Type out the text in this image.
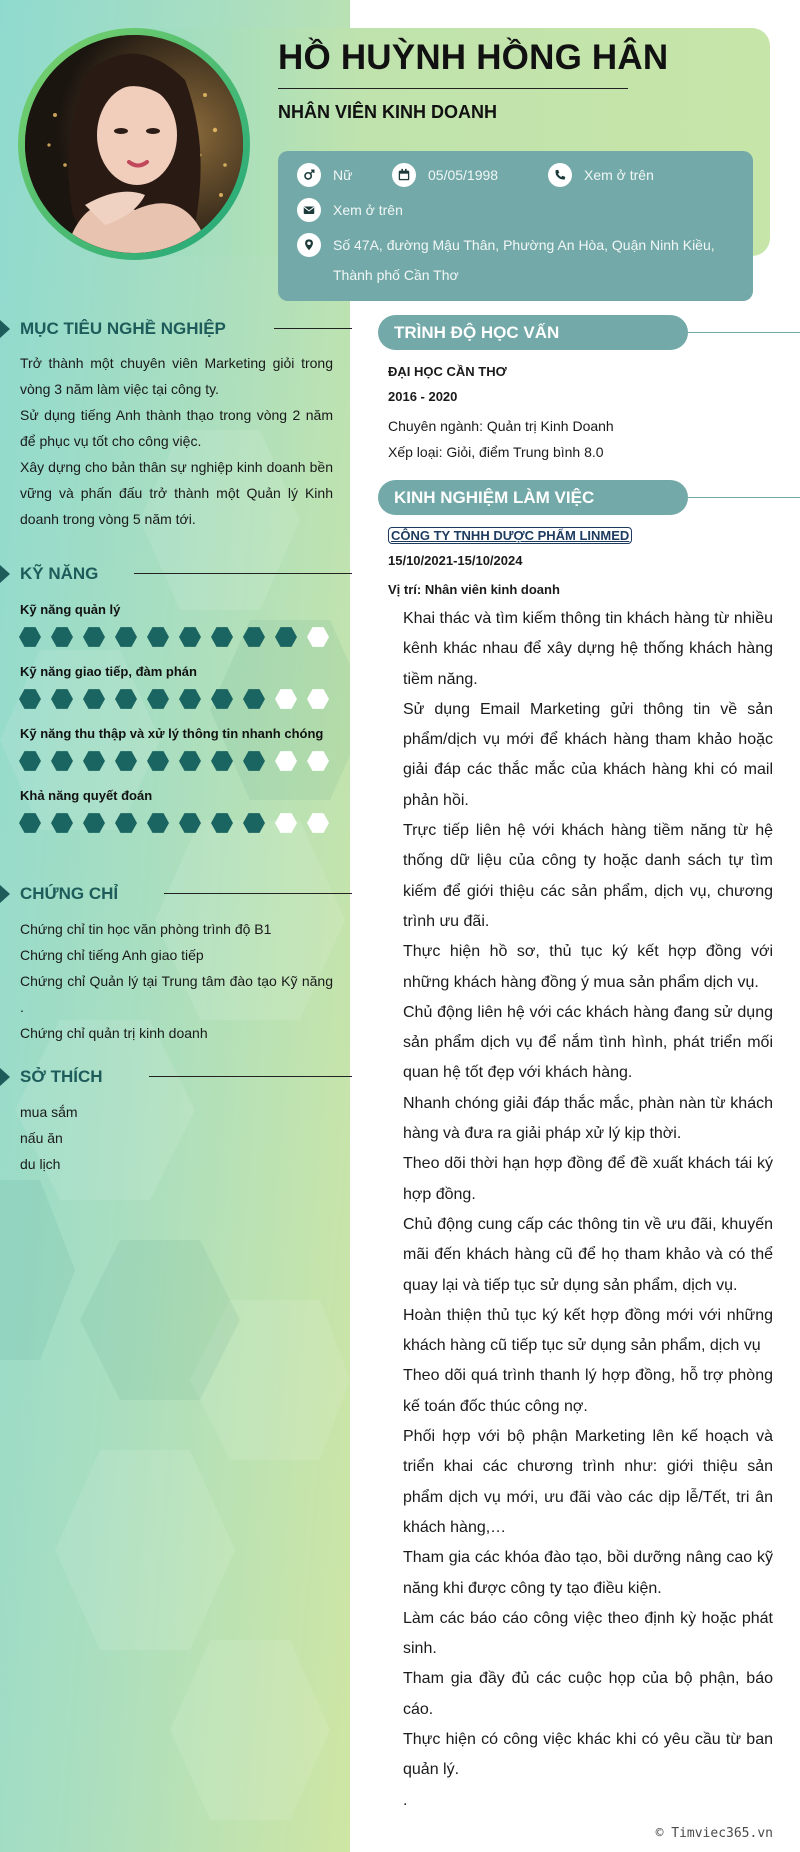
HỒ HUỲNH HỒNG HÂN
NHÂN VIÊN KINH DOANH
Nữ	05/05/1998	Xem ở trên
Xem ở trên
Số 47A, đường Mậu Thân, Phường An Hòa, Quận Ninh Kiều,
Thành phố Cần Thơ
MỤC TIÊU NGHỀ NGHIỆP

Trở thành một chuyên viên Marketing giỏi trong vòng 3 năm làm việc tại công ty.

Sử dụng tiếng Anh thành thạo trong vòng 2 năm để phục vụ tốt cho công việc.

Xây dựng cho bản thân sự nghiệp kinh doanh bền vững và phấn đấu trở thành một Quản lý Kinh doanh trong vòng 5 năm tới.

KỸ NĂNG
Kỹ năng quản lý
Kỹ năng giao tiếp, đàm phán
Kỹ năng thu thập và xử lý thông tin nhanh chóng
Khả năng quyết đoán
CHỨNG CHỈ

Chứng chỉ tin học văn phòng trình độ B1

Chứng chỉ tiếng Anh giao tiếp

Chứng chỉ Quản lý tại Trung tâm đào tạo Kỹ năng .

Chứng chỉ quản trị kinh doanh

SỞ THÍCH

mua sắm

nấu ăn

du lịch

TRÌNH ĐỘ HỌC VẤN
ĐẠI HỌC CẦN THƠ
2016 - 2020
Chuyên ngành: Quản trị Kinh Doanh
Xếp loại: Giỏi, điểm Trung bình 8.0
KINH NGHIỆM LÀM VIỆC
CÔNG TY TNHH DƯỢC PHẨM LINMED
15/10/2021-15/10/2024
Vị trí: Nhân viên kinh doanh

Khai thác và tìm kiếm thông tin khách hàng từ nhiều kênh khác nhau để xây dựng hệ thống khách hàng tiềm năng.

Sử dụng Email Marketing gửi thông tin về sản phẩm/dịch vụ mới để khách hàng tham khảo hoặc giải đáp các thắc mắc của khách hàng khi có mail phản hồi.

Trực tiếp liên hệ với khách hàng tiềm năng từ hệ thống dữ liệu của công ty hoặc danh sách tự tìm kiếm để giới thiệu các sản phẩm, dịch vụ, chương trình ưu đãi.

Thực hiện hồ sơ, thủ tục ký kết hợp đồng với những khách hàng đồng ý mua sản phẩm dịch vụ.

Chủ động liên hệ với các khách hàng đang sử dụng sản phẩm dịch vụ để nắm tình hình, phát triển mối quan hệ tốt đẹp với khách hàng.

Nhanh chóng giải đáp thắc mắc, phàn nàn từ khách hàng và đưa ra giải pháp xử lý kịp thời.

Theo dõi thời hạn hợp đồng để đề xuất khách tái ký hợp đồng.

Chủ động cung cấp các thông tin về ưu đãi, khuyến mãi đến khách hàng cũ để họ tham khảo và có thể quay lại và tiếp tục sử dụng sản phẩm, dịch vụ.

Hoàn thiện thủ tục ký kết hợp đồng mới với những khách hàng cũ tiếp tục sử dụng sản phẩm, dịch vụ

Theo dõi quá trình thanh lý hợp đồng, hỗ trợ phòng kế toán đốc thúc công nợ.

Phối hợp với bộ phận Marketing lên kế hoạch và triển khai các chương trình như: giới thiệu sản phẩm dịch vụ mới, ưu đãi vào các dịp lễ/Tết, tri ân khách hàng,…

Tham gia các khóa đào tạo, bồi dưỡng nâng cao kỹ năng khi được công ty tạo điều kiện.

Làm các báo cáo công việc theo định kỳ hoặc phát sinh.

Tham gia đầy đủ các cuộc họp của bộ phận, báo cáo.

Thực hiện có công việc khác khi có yêu cầu từ ban quản lý.

.

© Timviec365.vn
